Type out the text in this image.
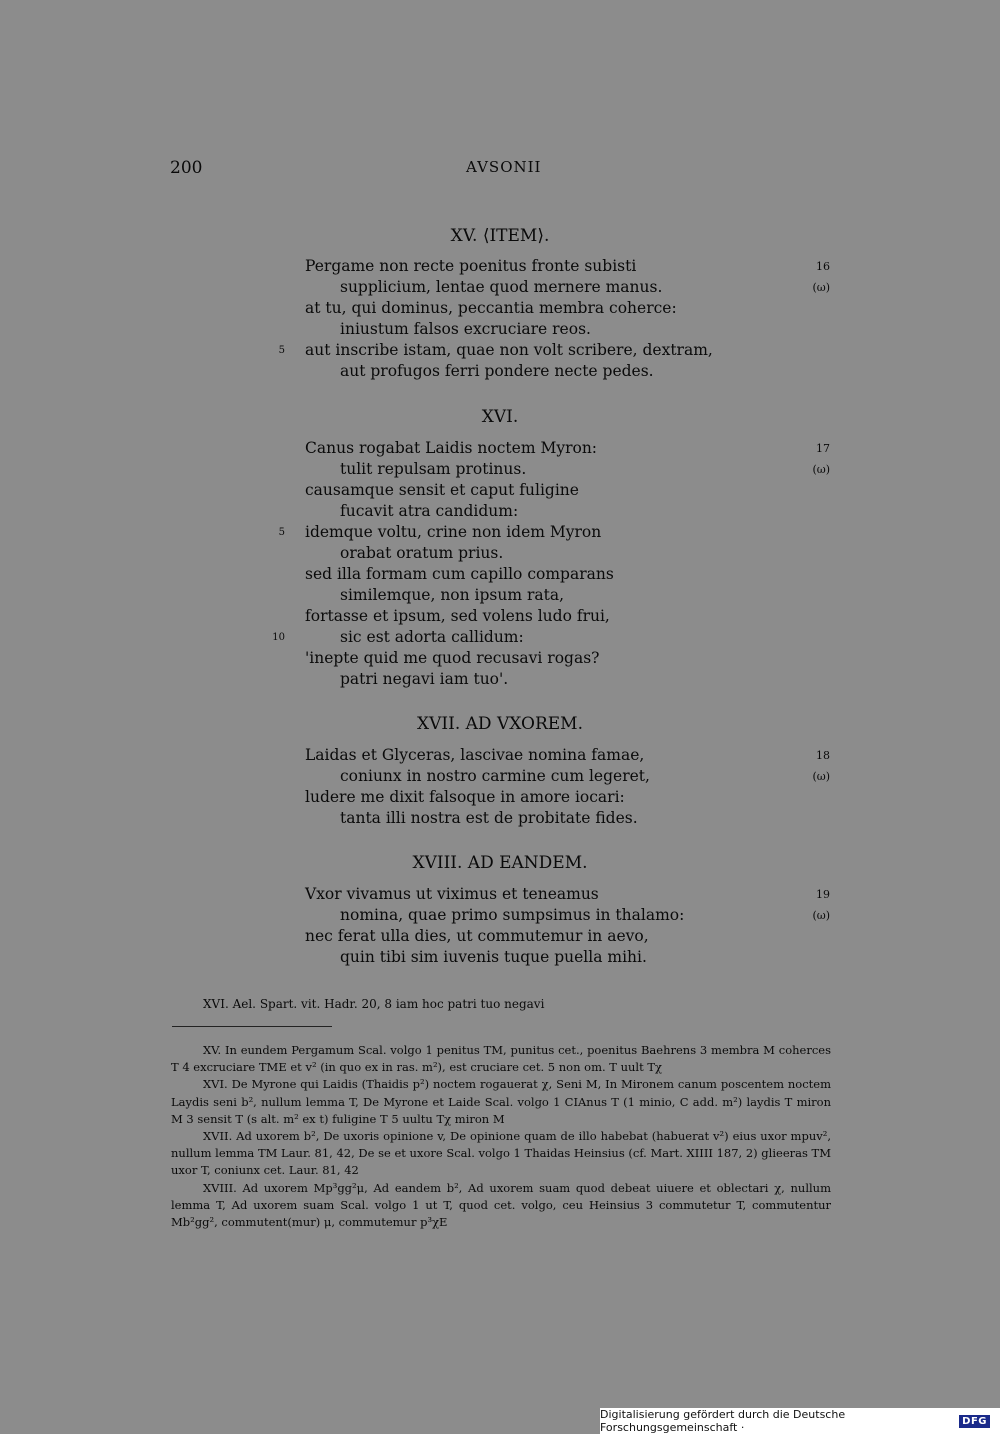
200	AVSONII
XV. ⟨ITEM⟩.
Pergame non recte poenitus fronte subisti	16
supplicium, lentae quod mernere manus.	(ω)
at tu, qui dominus, peccantia membra coherce:
iniustum falsos excruciare reos.
5 aut inscribe istam, quae non volt scribere, dextram,
aut profugos ferri pondere necte pedes.
XVI.
Canus rogabat Laidis noctem Myron:	17
tulit repulsam protinus.	(ω)
causamque sensit et caput fuligine
fucavit atra candidum:
5 idemque voltu, crine non idem Myron
orabat oratum prius.
sed illa formam cum capillo comparans
similemque, non ipsum rata,
fortasse et ipsum, sed volens ludo frui,
10	sic est adorta callidum:
'inepte quid me quod recusavi rogas?
patri negavi iam tuo'.
XVII. AD VXOREM.
Laidas et Glyceras, lascivae nomina famae,	18
coniunx in nostro carmine cum legeret,	(ω)
ludere me dixit falsoque in amore iocari:
tanta illi nostra est de probitate fides.
XVIII. AD EANDEM.
Vxor vivamus ut viximus et teneamus	19
nomina, quae primo sumpsimus in thalamo:	(ω)
nec ferat ulla dies, ut commutemur in aevo,
quin tibi sim iuvenis tuque puella mihi.
XVI. Ael. Spart. vit. Hadr. 20, 8 iam hoc patri tuo negavi

XV. In eundem Pergamum Scal. volgo 1 penitus TM, punitus cet., poenitus Baehrens 3 membra M coherces T 4 excruciare TME et v² (in quo ex in ras. m²), est cruciare cet. 5 non om. T uult Tχ

XVI. De Myrone qui Laidis (Thaidis p²) noctem rogauerat χ, Seni M, In Mironem canum poscentem noctem Laydis seni b², nullum lemma T, De Myrone et Laide Scal. volgo 1 CIAnus T (1 minio, C add. m²) laydis T miron M 3 sensit T (s alt. m² ex t) fuligine T 5 uultu Tχ miron M

XVII. Ad uxorem b², De uxoris opinione v, De opinione quam de illo habebat (habuerat v²) eius uxor mpuv², nullum lemma TM Laur. 81, 42, De se et uxore Scal. volgo 1 Thaidas Heinsius (cf. Mart. XIIII 187, 2) glieeras TM uxor T, coniunx cet. Laur. 81, 42

XVIII. Ad uxorem Mp³gg²μ, Ad eandem b², Ad uxorem suam quod debeat uiuere et oblectari χ, nullum lemma T, Ad uxorem suam Scal. volgo 1 ut T, quod cet. volgo, ceu Heinsius 3 commutetur T, commutentur Mb²gg², commutent(mur) μ, commutemur p³χE

Digitalisierung gefördert durch die Deutsche Forschungsgemeinschaft ·	DFG
